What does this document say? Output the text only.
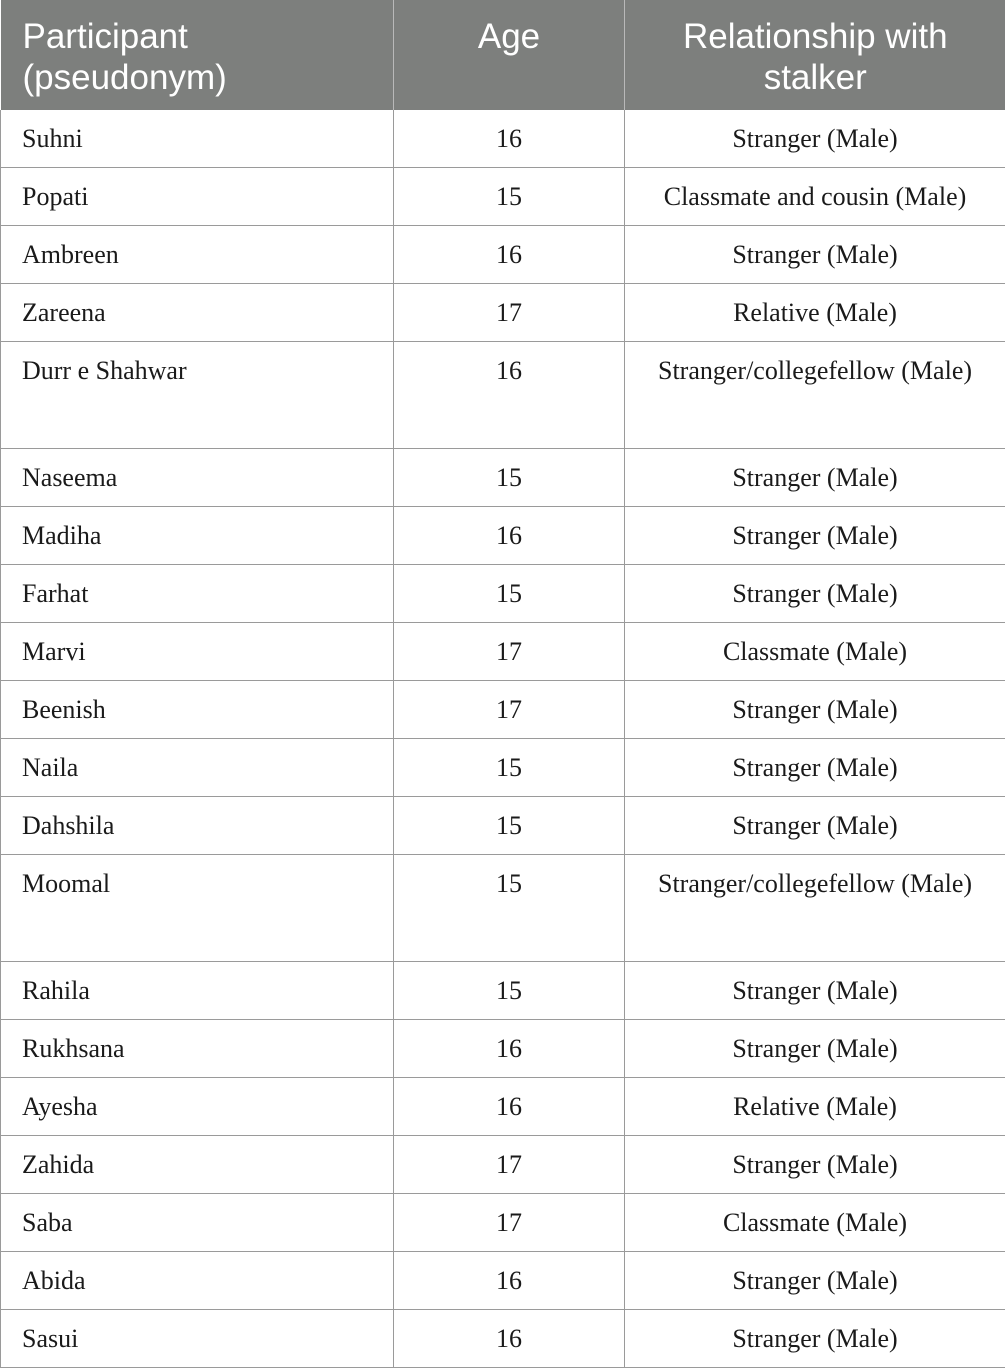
Participant (pseudonym)	Age	Relationship with stalker
Suhni	16	Stranger (Male)
Popati	15	Classmate and cousin (Male)
Ambreen	16	Stranger (Male)
Zareena	17	Relative (Male)
Durr e Shahwar	16	Stranger/collegefellow (Male)
Naseema	15	Stranger (Male)
Madiha	16	Stranger (Male)
Farhat	15	Stranger (Male)
Marvi	17	Classmate (Male)
Beenish	17	Stranger (Male)
Naila	15	Stranger (Male)
Dahshila	15	Stranger (Male)
Moomal	15	Stranger/collegefellow (Male)
Rahila	15	Stranger (Male)
Rukhsana	16	Stranger (Male)
Ayesha	16	Relative (Male)
Zahida	17	Stranger (Male)
Saba	17	Classmate (Male)
Abida	16	Stranger (Male)
Sasui	16	Stranger (Male)
